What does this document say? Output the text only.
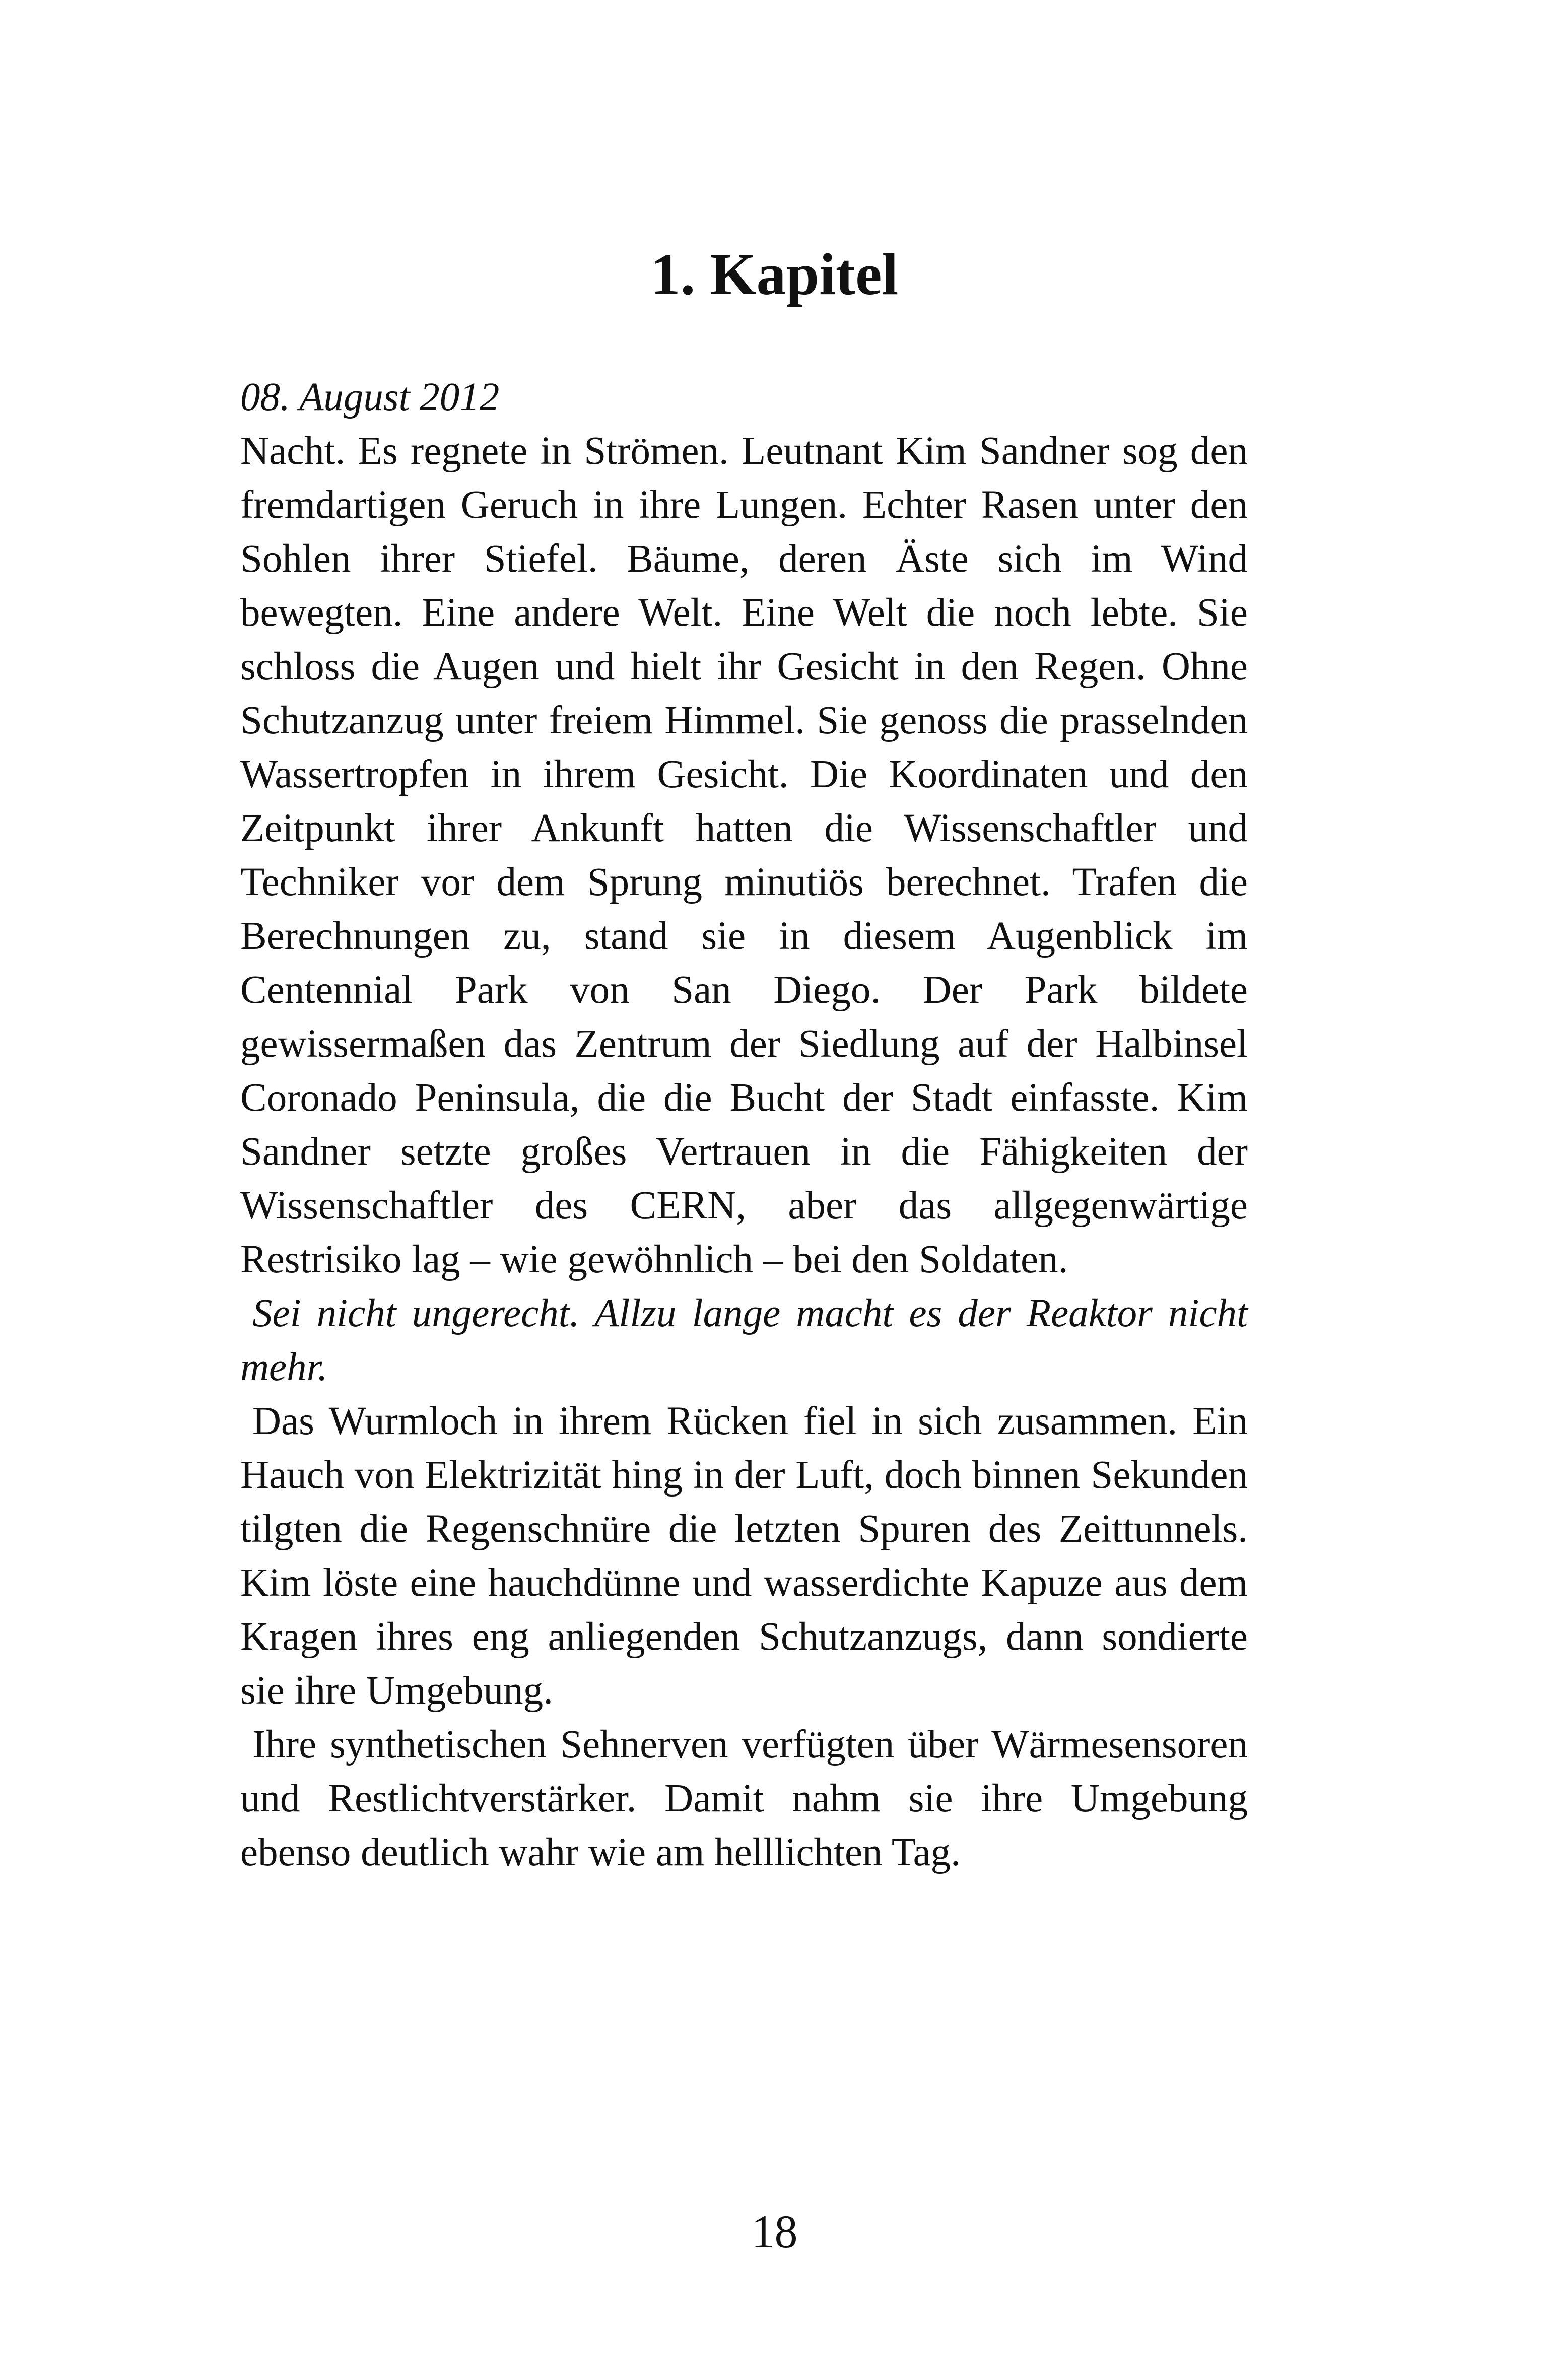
1. Kapitel
08. August 2012

Nacht. Es regnete in Strömen. Leutnant Kim Sandner sog den fremdartigen Geruch in ihre Lungen. Echter Rasen unter den Sohlen ihrer Stiefel. Bäume, deren Äste sich im Wind bewegten. Eine andere Welt. Eine Welt die noch lebte. Sie schloss die Augen und hielt ihr Gesicht in den Regen. Ohne Schutzanzug unter freiem Himmel. Sie genoss die prasselnden Wassertropfen in ihrem Gesicht. Die Koordinaten und den Zeitpunkt ihrer Ankunft hatten die Wissenschaftler und Techniker vor dem Sprung minutiös berechnet. Trafen die Berechnungen zu, stand sie in diesem Augenblick im Centennial Park von San Diego. Der Park bildete gewissermaßen das Zentrum der Siedlung auf der Halbinsel Coronado Peninsula, die die Bucht der Stadt einfasste. Kim Sandner setzte großes Vertrauen in die Fähigkeiten der Wissenschaftler des CERN, aber das allgegenwärtige Restrisiko lag – wie gewöhnlich – bei den Soldaten.

Sei nicht ungerecht. Allzu lange macht es der Reaktor nicht mehr.

Das Wurmloch in ihrem Rücken fiel in sich zusammen. Ein Hauch von Elektrizität hing in der Luft, doch binnen Sekunden tilgten die Regenschnüre die letzten Spuren des Zeittunnels. Kim löste eine hauchdünne und wasserdichte Kapuze aus dem Kragen ihres eng anliegenden Schutzanzugs, dann sondierte sie ihre Umgebung.

Ihre synthetischen Sehnerven verfügten über Wärmesensoren und Restlichtverstärker. Damit nahm sie ihre Umgebung ebenso deutlich wahr wie am helllichten Tag.

18
